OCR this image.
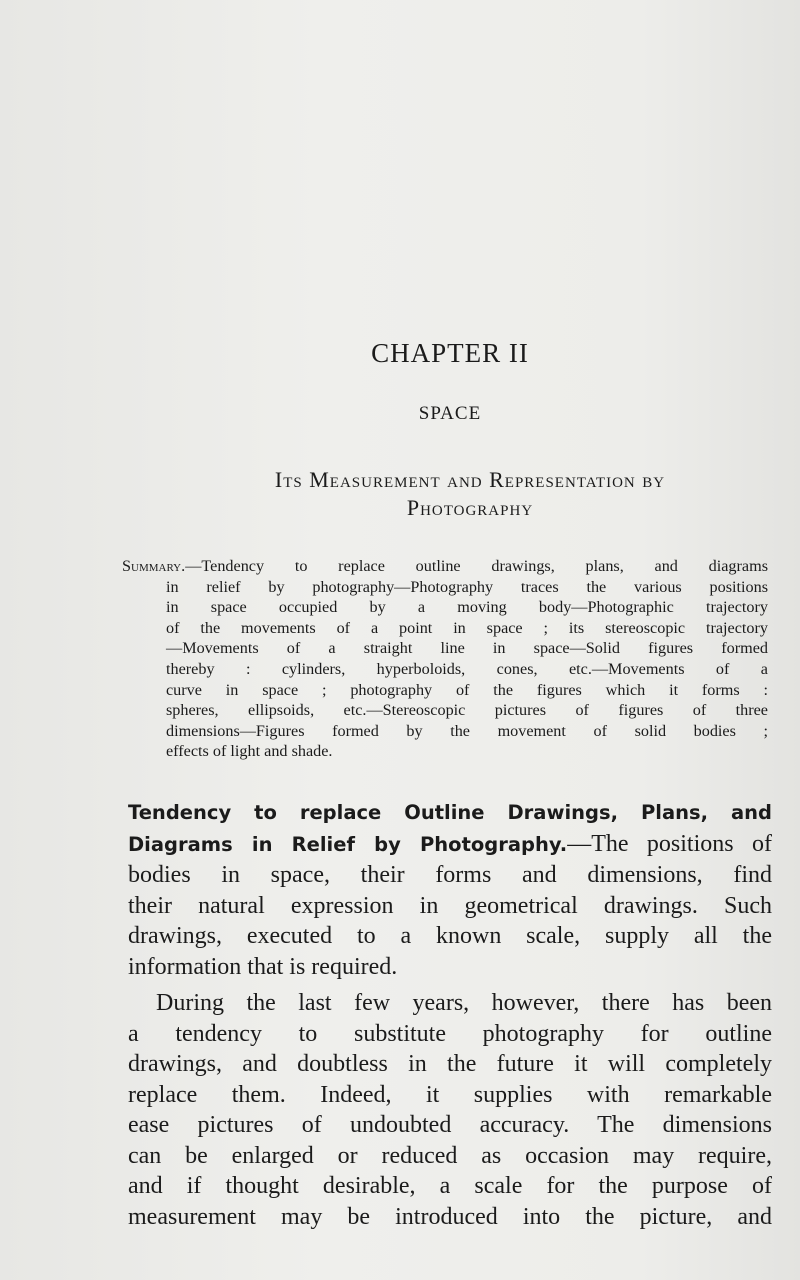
CHAPTER II
SPACE
Its Measurement and Representation by
Photography
Summary.—Tendency to replace outline drawings, plans, and diagrams
in relief by photography—Photography traces the various positions
in space occupied by a moving body—Photographic trajectory
of the movements of a point in space ; its stereoscopic trajectory
—Movements of a straight line in space—Solid figures formed
thereby : cylinders, hyperboloids, cones, etc.—Movements of a
curve in space ; photography of the figures which it forms :
spheres, ellipsoids, etc.—Stereoscopic pictures of figures of three
dimensions—Figures formed by the movement of solid bodies ;
effects of light and shade.
Tendency to replace Outline Drawings, Plans, and
Diagrams in Relief by Photography.—The positions of
bodies in space, their forms and dimensions, find
their natural expression in geometrical drawings. Such
drawings, executed to a known scale, supply all the
information that is required.
During the last few years, however, there has been
a tendency to substitute photography for outline
drawings, and doubtless in the future it will completely
replace them. Indeed, it supplies with remarkable
ease pictures of undoubted accuracy. The dimensions
can be enlarged or reduced as occasion may require,
and if thought desirable, a scale for the purpose of
measurement may be introduced into the picture, and
